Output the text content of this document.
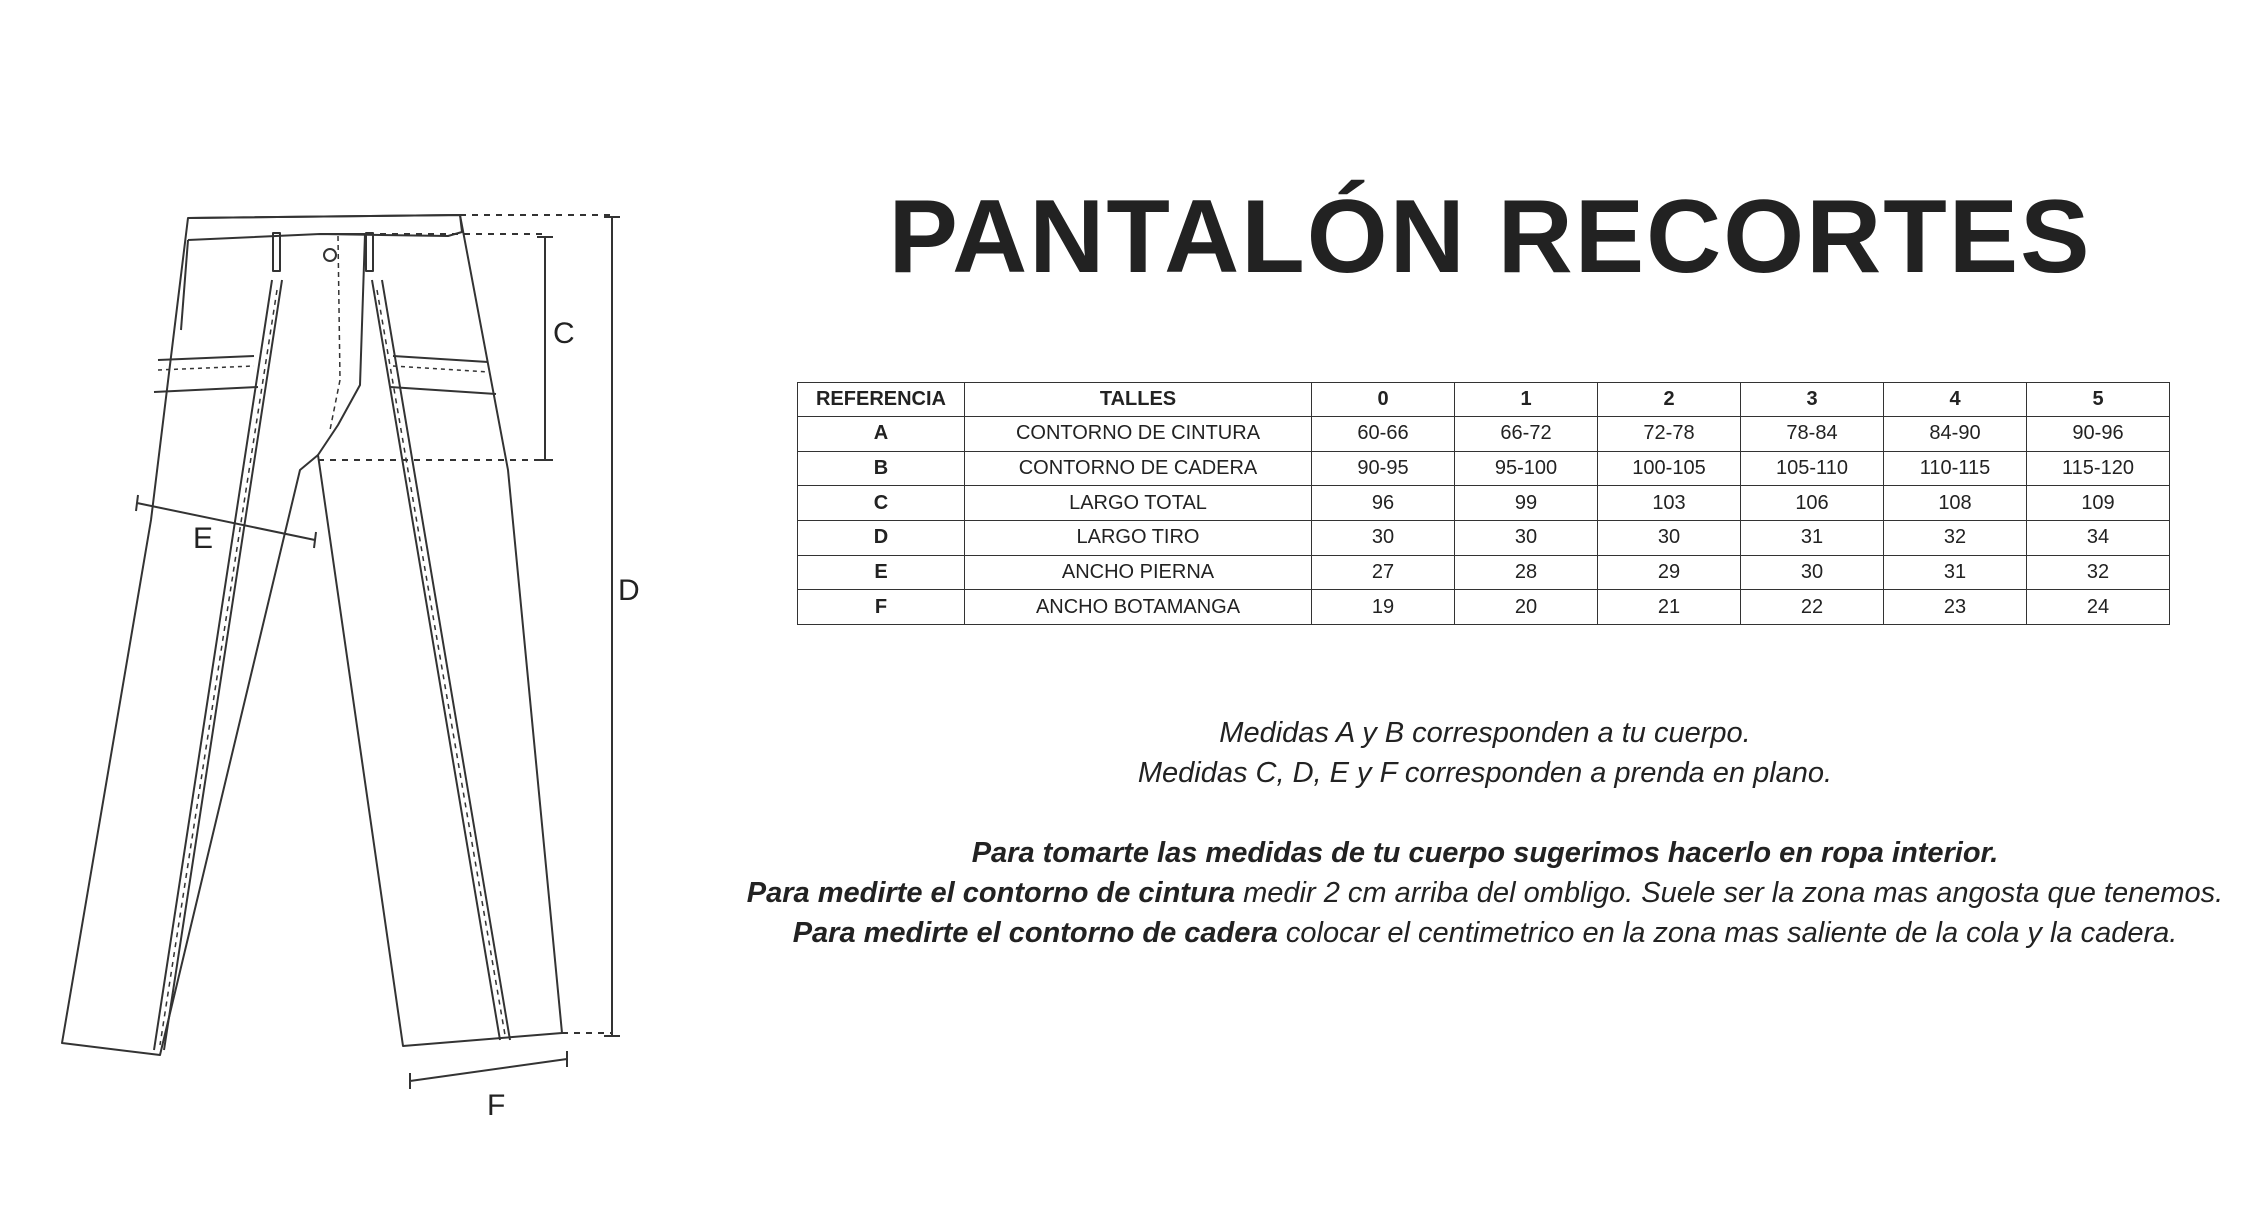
C
D
E
F
PANTALÓN RECORTES
REFERENCIA	TALLES	0	1	2	3	4	5
A	CONTORNO DE CINTURA	60-66	66-72	72-78	78-84	84-90	90-96
B	CONTORNO DE CADERA	90-95	95-100	100-105	105-110	110-115	115-120
C	LARGO TOTAL	96	99	103	106	108	109
D	LARGO TIRO	30	30	30	31	32	34
E	ANCHO PIERNA	27	28	29	30	31	32
F	ANCHO BOTAMANGA	19	20	21	22	23	24

Medidas A y B corresponden a tu cuerpo.

Medidas C, D, E y F corresponden a prenda en plano.

Para tomarte las medidas de tu cuerpo sugerimos hacerlo en ropa interior.

Para medirte el contorno de cintura medir 2 cm arriba del ombligo. Suele ser la zona mas angosta que tenemos.

Para medirte el contorno de cadera colocar el centimetrico en la zona mas saliente de la cola y la cadera.
